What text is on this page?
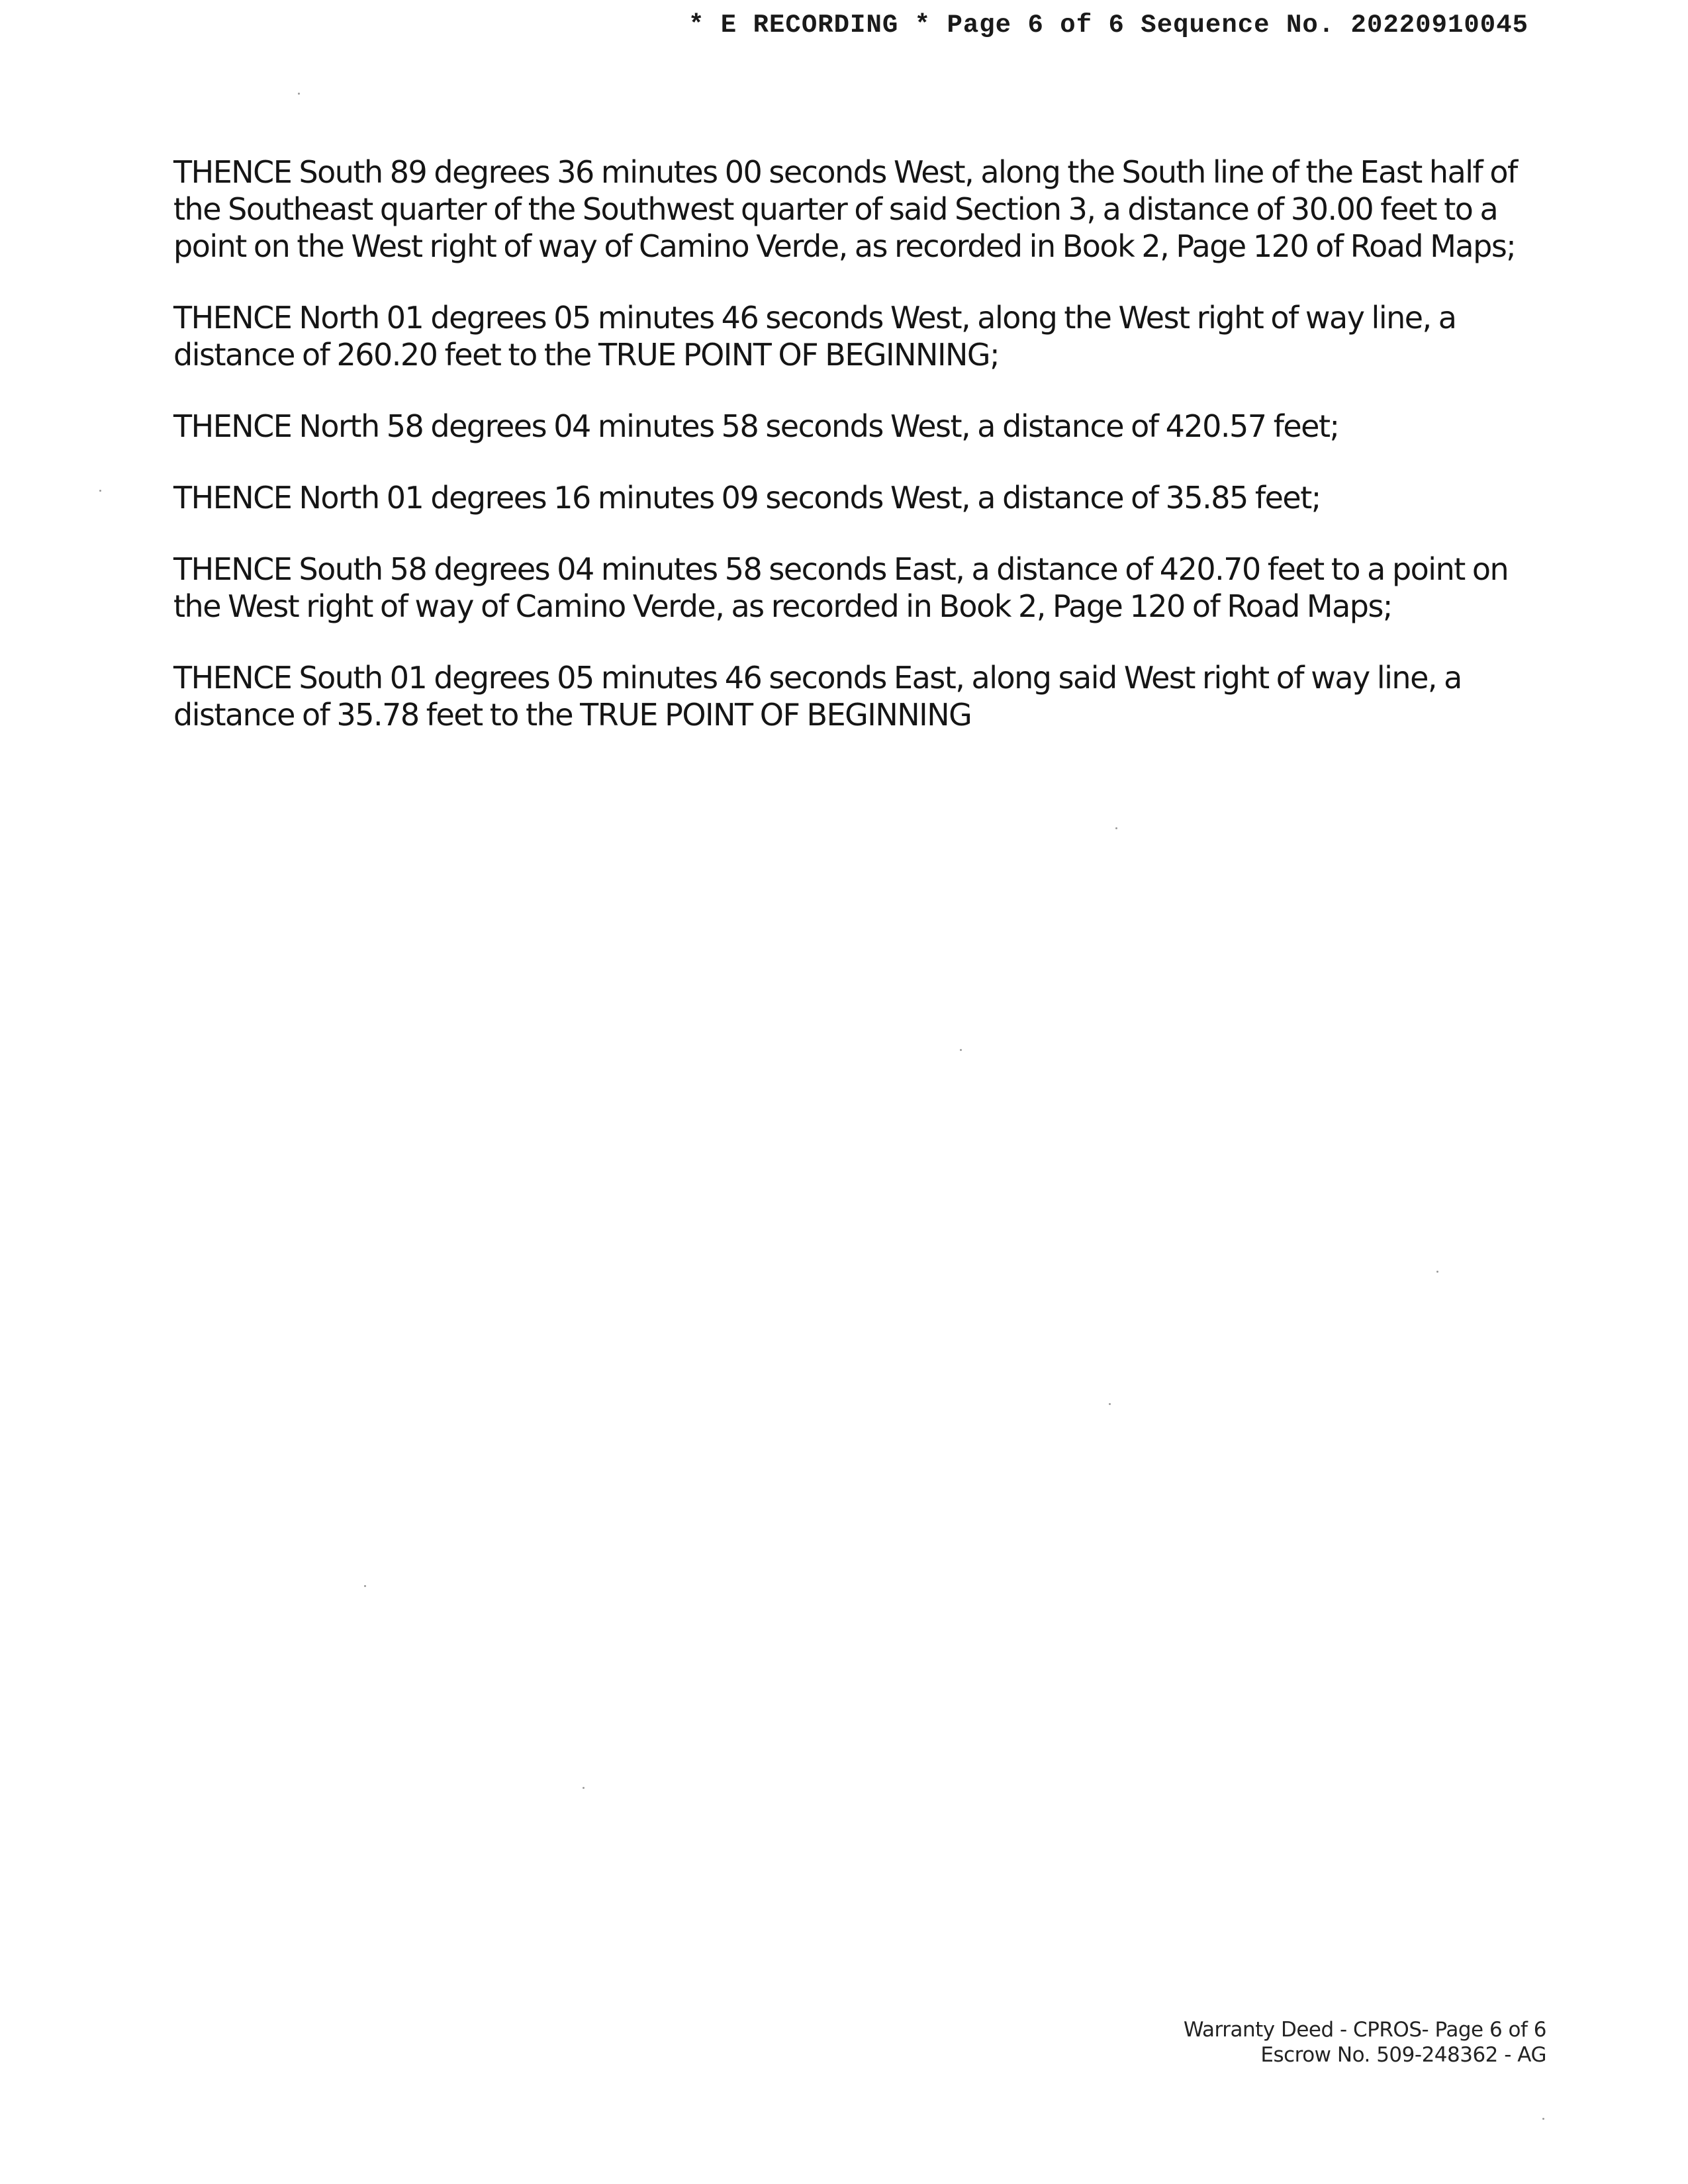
* E RECORDING * Page 6 of 6 Sequence No. 20220910045

THENCE South 89 degrees 36 minutes 00 seconds West, along the South line of the East half of the Southeast quarter of the Southwest quarter of said Section 3, a distance of 30.00 feet to a point on the West right of way of Camino Verde, as recorded in Book 2, Page 120 of Road Maps;

THENCE North 01 degrees 05 minutes 46 seconds West, along the West right of way line, a distance of 260.20 feet to the TRUE POINT OF BEGINNING;

THENCE North 58 degrees 04 minutes 58 seconds West, a distance of 420.57 feet;

THENCE North 01 degrees 16 minutes 09 seconds West, a distance of 35.85 feet;

THENCE South 58 degrees 04 minutes 58 seconds East, a distance of 420.70 feet to a point on the West right of way of Camino Verde, as recorded in Book 2, Page 120 of Road Maps;

THENCE South 01 degrees 05 minutes 46 seconds East, along said West right of way line, a distance of 35.78 feet to the TRUE POINT OF BEGINNING

Warranty Deed - CPROS- Page 6 of 6
Escrow No. 509-248362 - AG
